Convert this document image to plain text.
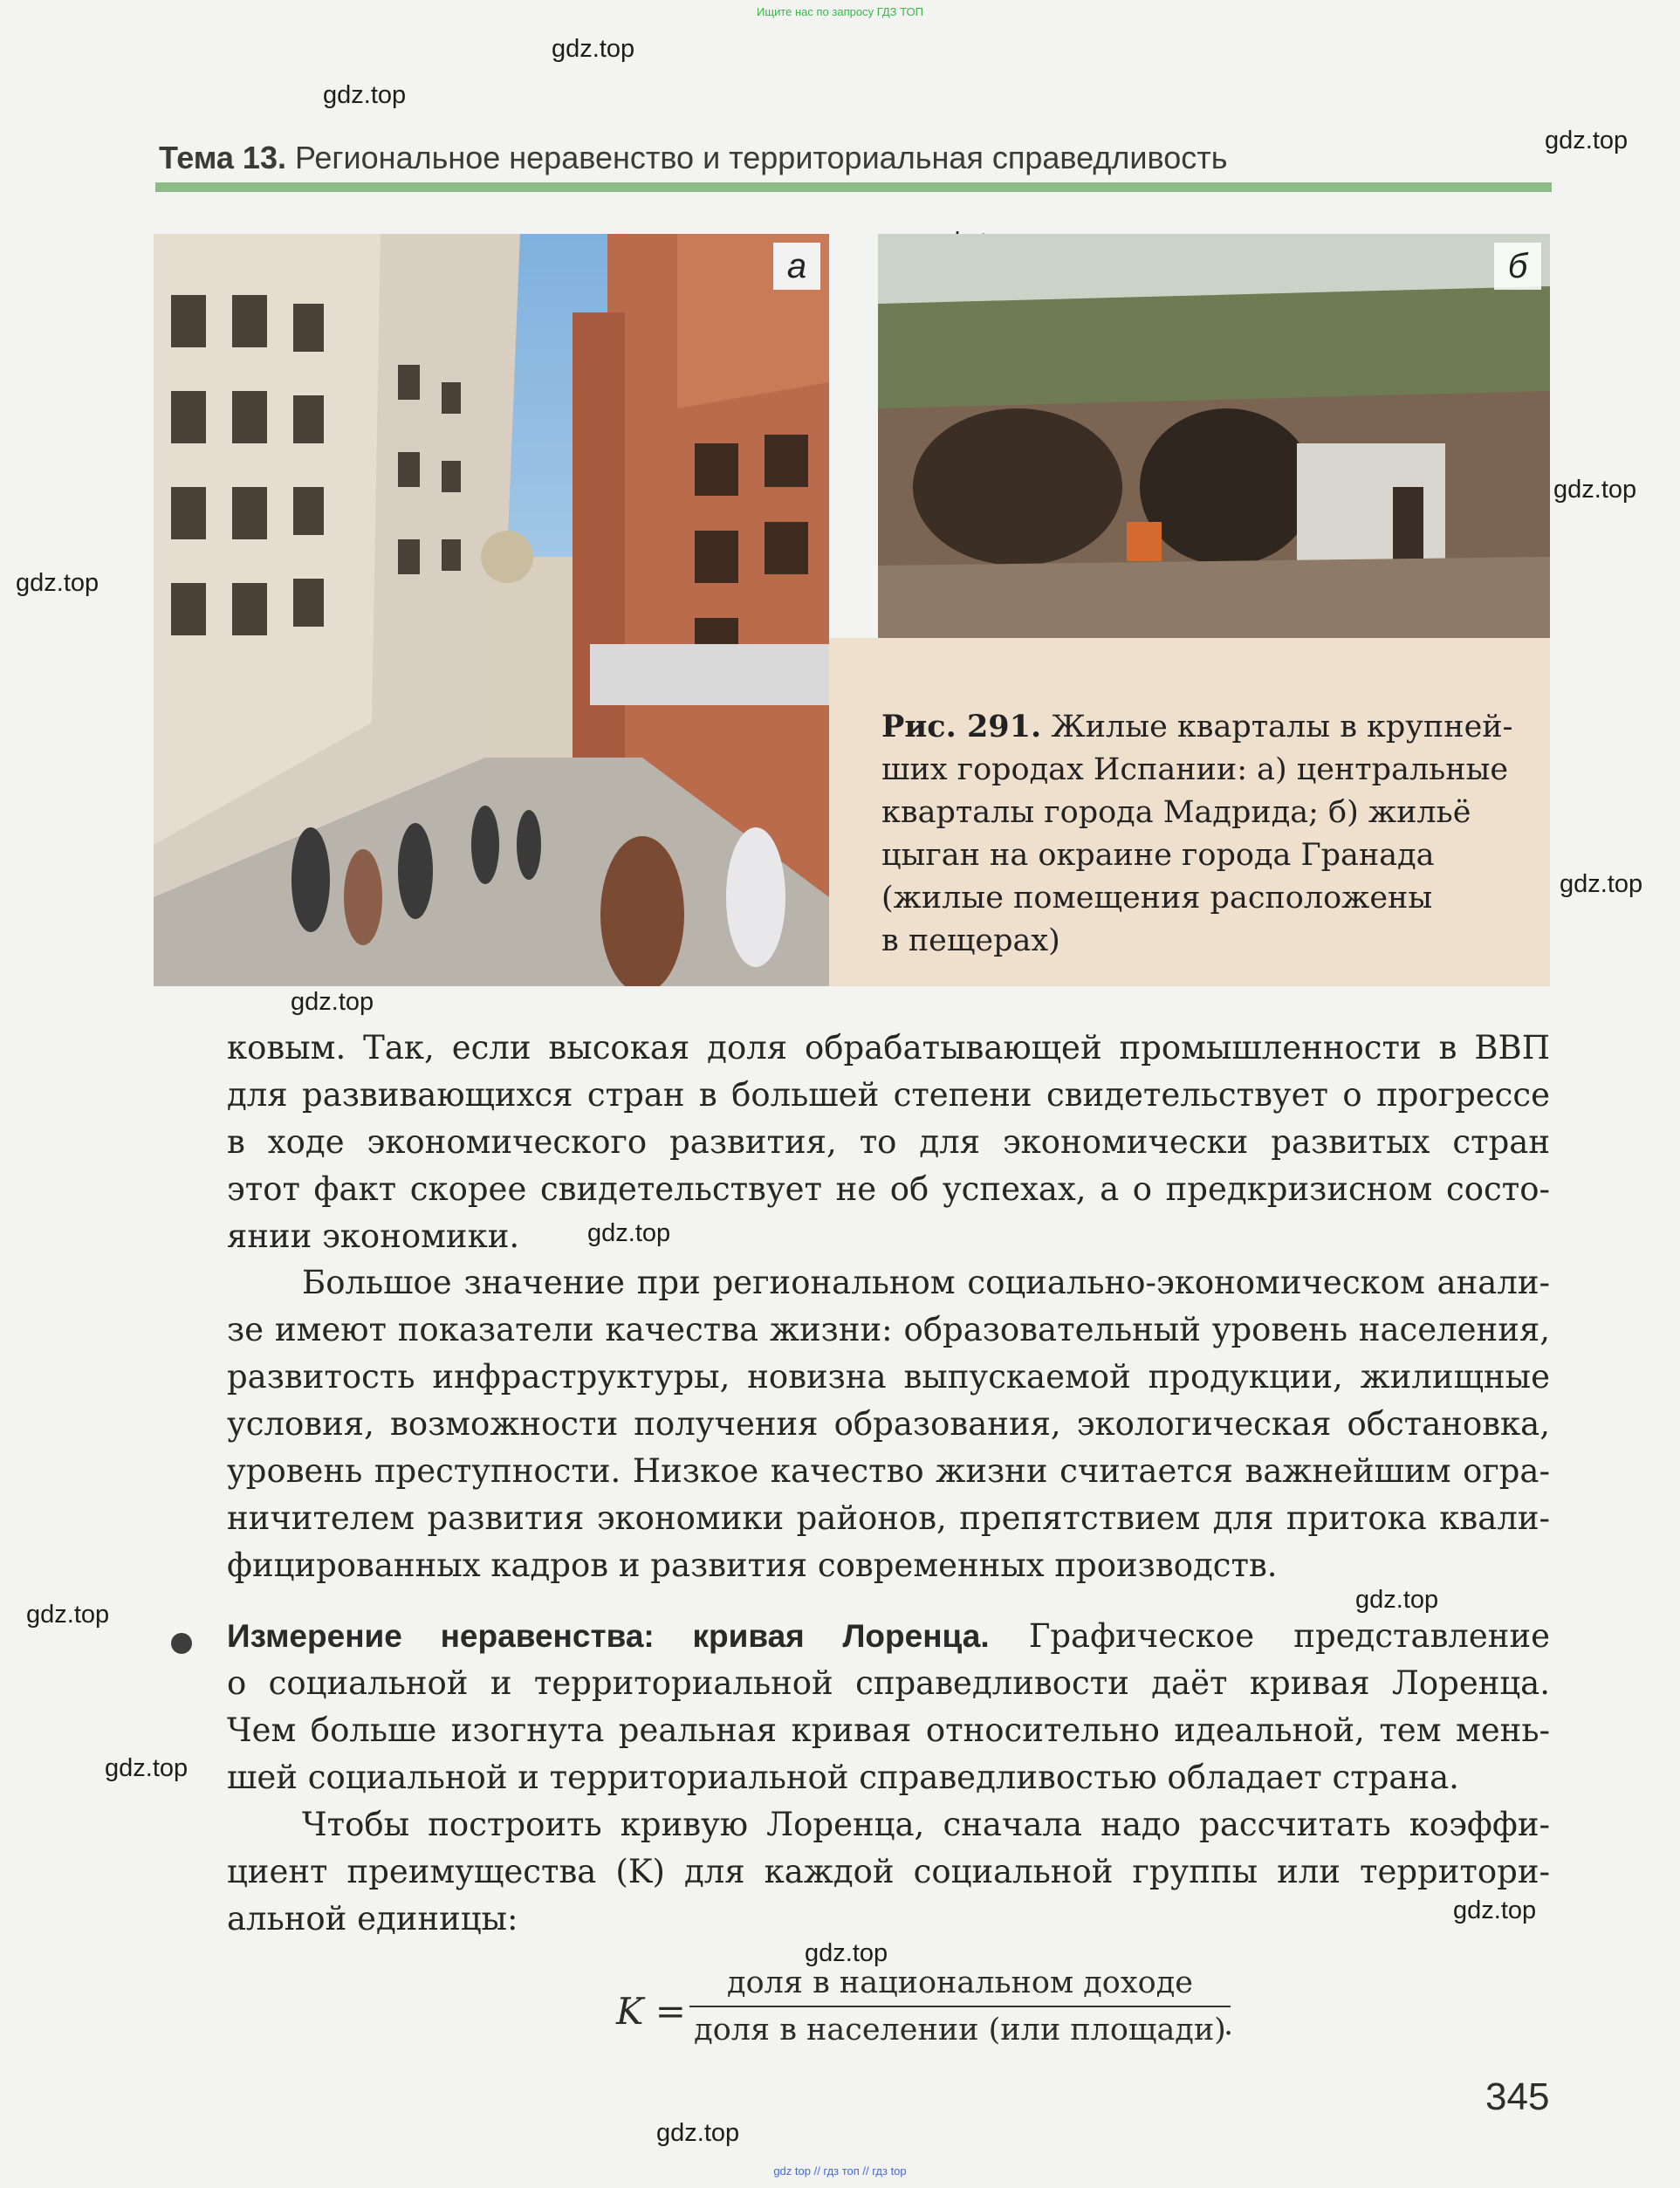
Ищите нас по запросу ГДЗ ТОП
gdz.top
gdz.top
gdz.top
gdz.top
gdz.top
gdz.top
gdz.top
gdz.top
gdz.top
gdz.top
gdz.top
gdz.top
gdz.top
gdz.top
Тема 13. Региональное неравенство и территориальная справедливость
а	б
Рис. 291. Жилые кварталы в крупней-
ших городах Испании: а) центральные
кварталы города Мадрида; б) жильё
цыган на окраине города Гранада
(жилые помещения расположены
в пещерах)
ковым. Так, если высокая доля обрабатывающей промышленности в ВВП
для развивающихся стран в большей степени свидетельствует о прогрессе
в ходе экономического развития, то для экономически развитых стран
этот факт скорее свидетельствует не об успехах, а о предкризисном состо-
янии экономики.
Большое значение при региональном социально-экономическом анали-
зе имеют показатели качества жизни: образовательный уровень населения,
развитость инфраструктуры, новизна выпускаемой продукции, жилищные
условия, возможности получения образования, экологическая обстановка,
уровень преступности. Низкое качество жизни считается важнейшим огра-
ничителем развития экономики районов, препятствием для притока квали-
фицированных кадров и развития современных производств.
Измерение неравенства: кривая Лоренца. Графическое представление
о социальной и территориальной справедливости даёт кривая Лоренца.
Чем больше изогнута реальная кривая относительно идеальной, тем мень-
шей социальной и территориальной справедливостью обладает страна.
Чтобы построить кривую Лоренца, сначала надо рассчитать коэффи-
циент преимущества (K) для каждой социальной группы или территори-
альной единицы:
K =
доля в национальном доходе
доля в населении (или площади)
.
345
gdz top // гдз топ // гдз top
